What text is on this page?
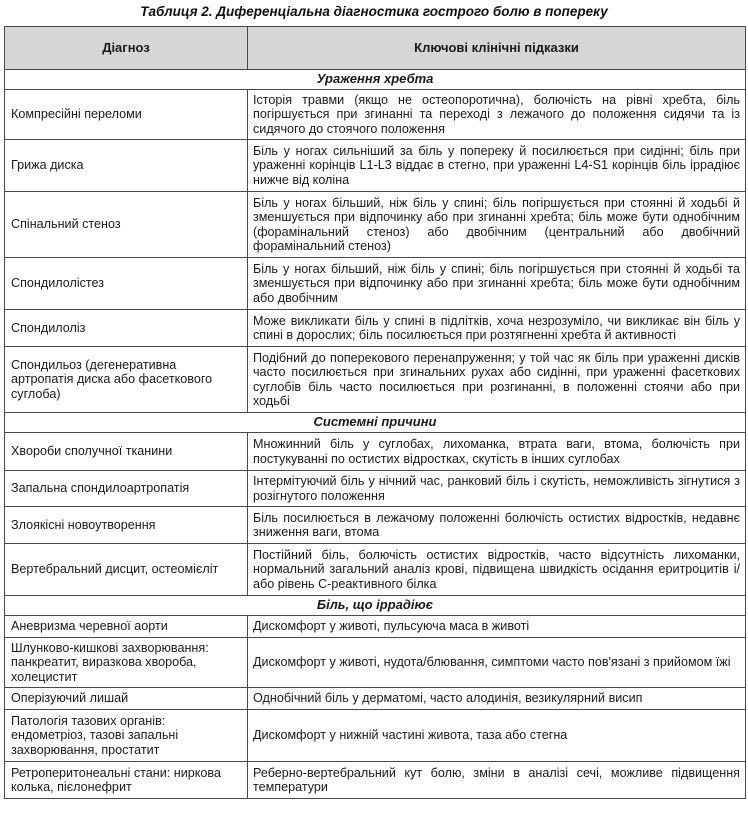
Таблиця 2. Диференціальна діагностика гострого болю в попереку
Діагноз	Ключові клінічні підказки
Ураження хребта	
Компресійні переломи	Історія травми (якщо не остеопоротична), болючість на рівні хребта, біль погіршується при згинанні та переході з лежачого до положення сидячи та із сидячого до стоячого положення
Грижа диска	Біль у ногах сильніший за біль у попереку й посилюється при сидінні; біль при ураженні корінців L1-L3 віддає в стегно, при ураженні L4-S1 корінців біль іррадіює нижче від коліна
Спінальний стеноз	Біль у ногах більший, ніж біль у спині; біль погіршується при стоянні й ходьбі й зменшується при відпочинку або при згинанні хребта; біль може бути однобічним (форамінальний стеноз) або двобічним (центральний або двобічний форамінальний стеноз)
Спондилолістез	Біль у ногах більший, ніж біль у спині; біль погіршується при стоянні й ходьбі та зменшується при відпочинку або при згинанні хребта; біль може бути однобічним або двобічним
Спондилоліз	Може викликати біль у спині в підлітків, хоча незрозуміло, чи викликає він біль у спині в дорослих; біль посилюється при розтягненні хребта й активності
Спондильоз (дегенеративна артропатія диска або фасеткового суглоба)	Подібний до поперекового перенапруження; у той час як біль при ураженні дисків часто посилюється при згинальних рухах або сидінні, при ураженні фасеткових суглобів біль часто посилюється при розгинанні, в положенні стоячи або при ходьбі
Системні причини	
Хвороби сполучної тканини	Множинний біль у суглобах, лихоманка, втрата ваги, втома, болючість при постукуванні по остистих відростках, скутість в інших суглобах
Запальна спондилоартропатія	Інтермітуючий біль у нічний час, ранковий біль і скутість, неможливість зігнутися з розігнутого положення
Злоякісні новоутворення	Біль посилюється в лежачому положенні болючість остистих відростків, недавнє зниження ваги, втома
Вертебральний дисцит, остеомієліт	Постійний біль, болючість остистих відростків, часто відсутність лихоманки, нормальний загальний аналіз крові, підвищена швидкість осідання еритроцитів і/або рівень С-реактивного білка
Біль, що іррадіює	
Аневризма черевної аорти	Дискомфорт у животі, пульсуюча маса в животі
Шлунково-кишкові захворювання: панкреатит, виразкова хвороба, холецистит	Дискомфорт у животі, нудота/блювання, симптоми часто пов'язані з прийомом їжі
Оперізуючий лишай	Однобічний біль у дерматомі, часто алодинія, везикулярний висип
Патологія тазових органів: ендометріоз, тазові запальні захворювання, простатит	Дискомфорт у нижній частині живота, таза або стегна
Ретроперитонеальні стани: ниркова колька, пієлонефрит	Реберно-вертебральний кут болю, зміни в аналізі сечі, можливе підвищення температури
